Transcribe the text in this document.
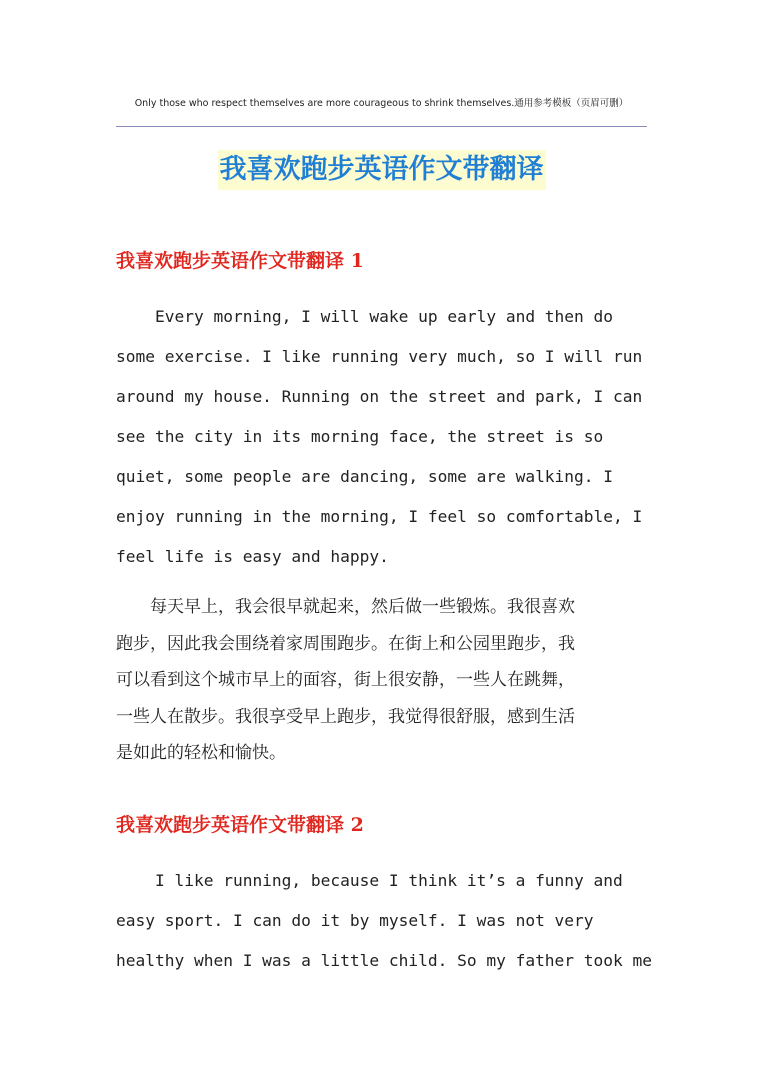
Only those who respect themselves are more courageous to shrink themselves.通用参考模板（页眉可删）
我喜欢跑步英语作文带翻译
我喜欢跑步英语作文带翻译 1
Every morning, I will wake up early and then do
some exercise. I like running very much, so I will run
around my house. Running on the street and park, I can
see the city in its morning face, the street is so
quiet, some people are dancing, some are walking. I
enjoy running in the morning, I feel so comfortable, I
feel life is easy and happy.
　　每天早上，我会很早就起来，然后做一些锻炼。我很喜欢
跑步，因此我会围绕着家周围跑步。在街上和公园里跑步，我
可以看到这个城市早上的面容，街上很安静，一些人在跳舞，
一些人在散步。我很享受早上跑步，我觉得很舒服，感到生活
是如此的轻松和愉快。
我喜欢跑步英语作文带翻译 2
I like running, because I think it’s a funny and
easy sport. I can do it by myself. I was not very
healthy when I was a little child. So my father took me
